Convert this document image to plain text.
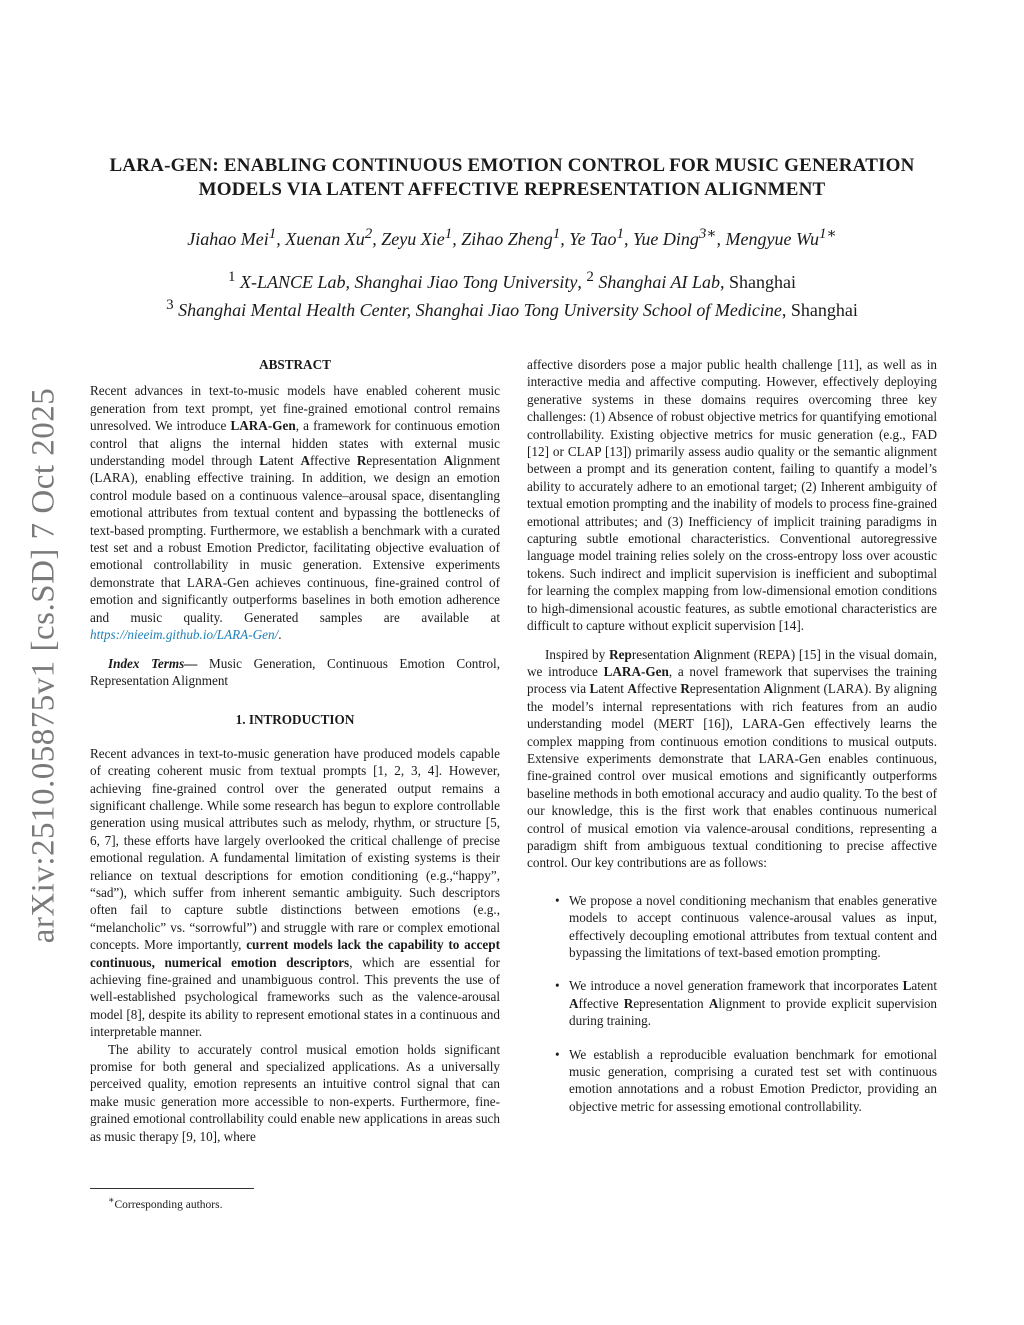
arXiv:2510.05875v1 [cs.SD] 7 Oct 2025
LARA-GEN: ENABLING CONTINUOUS EMOTION CONTROL FOR MUSIC GENERATION
MODELS VIA LATENT AFFECTIVE REPRESENTATION ALIGNMENT
Jiahao Mei$^1$, Xuenan Xu$^2$, Zeyu Xie$^1$, Zihao Zheng$^1$, Ye Tao$^1$, Yue Ding$^{3∗}$, Mengyue $Wu^{1∗}$
$^1$ X-LANCE Lab, Shanghai Jiao Tong University, $^2$ Shanghai AI Lab, Shanghai
$^3$ Shanghai Mental Health Center, Shanghai Jiao Tong University School of Medicine, Shanghai
ABSTRACT

Recent advances in text-to-music models have enabled coherent music generation from text prompt, yet fine-grained emotional control remains unresolved. We introduce LARA-Gen, a framework for continuous emotion control that aligns the internal hidden states with external music understanding model through Latent Affective Representation Alignment (LARA), enabling effective training. In addition, we design an emotion control module based on a continuous valence–arousal space, disentangling emotional attributes from textual content and bypassing the bottlenecks of text-based prompting. Furthermore, we establish a benchmark with a curated test set and a robust Emotion Predictor, facilitating objective evaluation of emotional controllability in music generation. Extensive experiments demonstrate that LARA-Gen achieves continuous, fine-grained control of emotion and significantly outperforms baselines in both emotion adherence and music quality. Generated samples are available at https://nieeim.github.io/LARA-Gen/.

Index Terms— Music Generation, Continuous Emotion Control, Representation Alignment

1. INTRODUCTION

Recent advances in text-to-music generation have produced models capable of creating coherent music from textual prompts [1, 2, 3, 4]. However, achieving fine-grained control over the generated output remains a significant challenge. While some research has begun to explore controllable generation using musical attributes such as melody, rhythm, or structure [5, 6, 7], these efforts have largely overlooked the critical challenge of precise emotional regulation. A fundamental limitation of existing systems is their reliance on textual descriptions for emotion conditioning (e.g.,“happy”, “sad”), which suffer from inherent semantic ambiguity. Such descriptors often fail to capture subtle distinctions between emotions (e.g., “melancholic” vs. “sorrowful”) and struggle with rare or complex emotional concepts. More importantly, current models lack the capability to accept continuous, numerical emotion descriptors, which are essential for achieving fine-grained and unambiguous control. This prevents the use of well-established psychological frameworks such as the valence-arousal model [8], despite its ability to represent emotional states in a continuous and interpretable manner.

The ability to accurately control musical emotion holds significant promise for both general and specialized applications. As a universally perceived quality, emotion represents an intuitive control signal that can make music generation more accessible to non-experts. Furthermore, fine-grained emotional controllability could enable new applications in areas such as music therapy [9, 10], where

affective disorders pose a major public health challenge [11], as well as in interactive media and affective computing. However, effectively deploying generative systems in these domains requires overcoming three key challenges: (1) Absence of robust objective metrics for quantifying emotional controllability. Existing objective metrics for music generation (e.g., FAD [12] or CLAP [13]) primarily assess audio quality or the semantic alignment between a prompt and its generation content, failing to quantify a model’s ability to accurately adhere to an emotional target; (2) Inherent ambiguity of textual emotion prompting and the inability of models to process fine-grained emotional attributes; and (3) Inefficiency of implicit training paradigms in capturing subtle emotional characteristics. Conventional autoregressive language model training relies solely on the cross-entropy loss over acoustic tokens. Such indirect and implicit supervision is inefficient and suboptimal for learning the complex mapping from low-dimensional emotion conditions to high-dimensional acoustic features, as subtle emotional characteristics are difficult to capture without explicit supervision [14].

Inspired by Representation Alignment (REPA) [15] in the visual domain, we introduce LARA-Gen, a novel framework that supervises the training process via Latent Affective Representation Alignment (LARA). By aligning the model’s internal representations with rich features from an audio understanding model (MERT [16]), LARA-Gen effectively learns the complex mapping from continuous emotion conditions to musical outputs. Extensive experiments demonstrate that LARA-Gen enables continuous, fine-grained control over musical emotions and significantly outperforms baseline methods in both emotional accuracy and audio quality. To the best of our knowledge, this is the first work that enables continuous numerical control of musical emotion via valence-arousal conditions, representing a paradigm shift from ambiguous textual conditioning to precise affective control. Our key contributions are as follows:

• We propose a novel conditioning mechanism that enables generative models to accept continuous valence-arousal values as input, effectively decoupling emotional attributes from textual content and bypassing the limitations of text-based emotion prompting.
• We introduce a novel generation framework that incorporates Latent Affective Representation Alignment to provide explicit supervision during training.
• We establish a reproducible evaluation benchmark for emotional music generation, comprising a curated test set with continuous emotion annotations and a robust Emotion Predictor, providing an objective metric for assessing emotional controllability.
∗Corresponding authors.
